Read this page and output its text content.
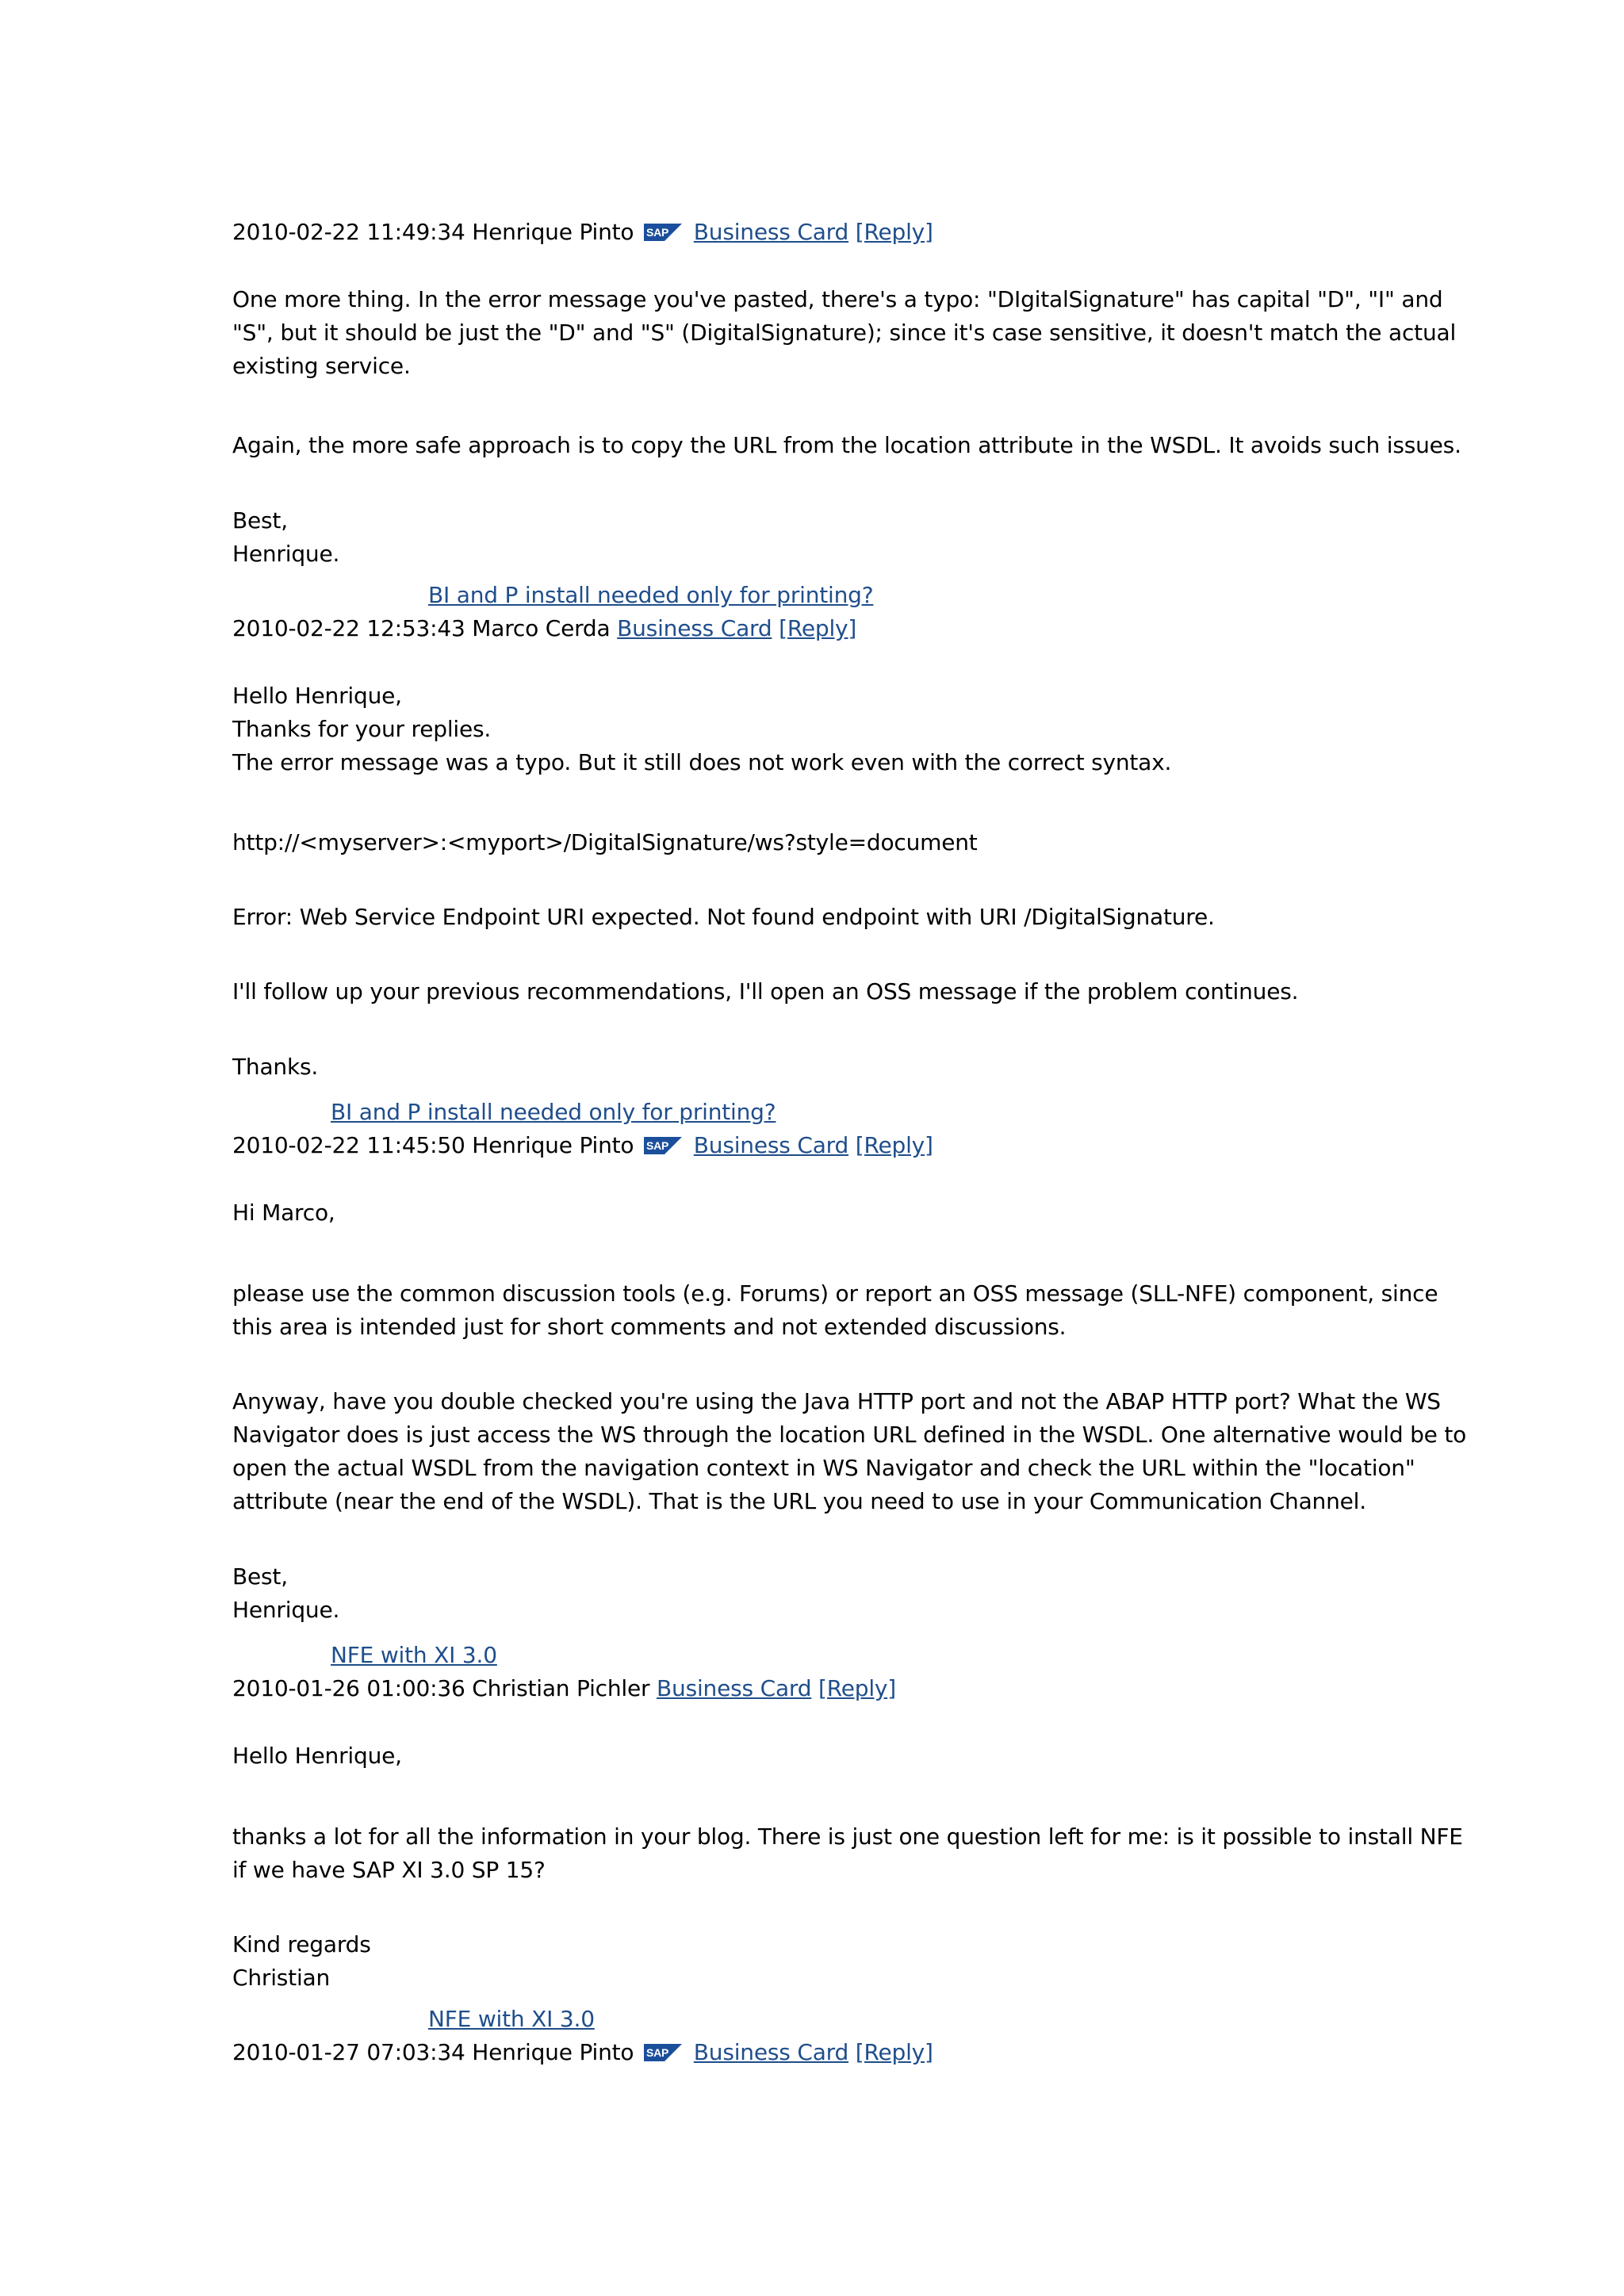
2010-02-22 11:49:34 Henrique Pinto SAP Business Card [Reply]
One more thing. In the error message you've pasted, there's a typo: "DIgitalSignature" has capital "D", "I" and
"S", but it should be just the "D" and "S" (DigitalSignature); since it's case sensitive, it doesn't match the actual
existing service.
Again, the more safe approach is to copy the URL from the location attribute in the WSDL. It avoids such issues.
Best,
Henrique.
BI and P install needed only for printing?
2010-02-22 12:53:43 Marco Cerda Business Card [Reply]
Hello Henrique,
Thanks for your replies.
The error message was a typo. But it still does not work even with the correct syntax.
http://<myserver>:<myport>/DigitalSignature/ws?style=document
Error: Web Service Endpoint URI expected. Not found endpoint with URI /DigitalSignature.
I'll follow up your previous recommendations, I'll open an OSS message if the problem continues.
Thanks.
BI and P install needed only for printing?
2010-02-22 11:45:50 Henrique Pinto SAP Business Card [Reply]
Hi Marco,
please use the common discussion tools (e.g. Forums) or report an OSS message (SLL-NFE) component, since
this area is intended just for short comments and not extended discussions.
Anyway, have you double checked you're using the Java HTTP port and not the ABAP HTTP port? What the WS
Navigator does is just access the WS through the location URL defined in the WSDL. One alternative would be to
open the actual WSDL from the navigation context in WS Navigator and check the URL within the "location"
attribute (near the end of the WSDL). That is the URL you need to use in your Communication Channel.
Best,
Henrique.
NFE with XI 3.0
2010-01-26 01:00:36 Christian Pichler Business Card [Reply]
Hello Henrique,
thanks a lot for all the information in your blog. There is just one question left for me: is it possible to install NFE
if we have SAP XI 3.0 SP 15?
Kind regards
Christian
NFE with XI 3.0
2010-01-27 07:03:34 Henrique Pinto SAP Business Card [Reply]
